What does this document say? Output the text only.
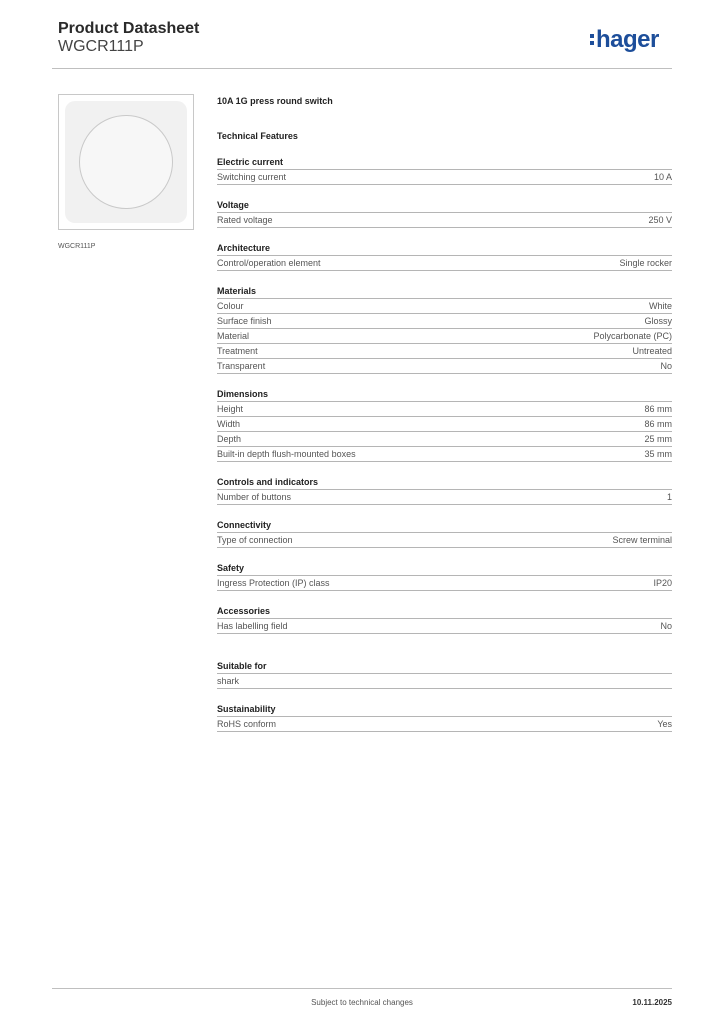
Product Datasheet
WGCR111P	hager
WGCR111P
10A 1G press round switch
Technical Features
Electric current
Switching current	10 A
Voltage
Rated voltage	250 V
Architecture
Control/operation element	Single rocker
Materials
Colour	White
Surface finish	Glossy
Material	Polycarbonate (PC)
Treatment	Untreated
Transparent	No
Dimensions
Height	86 mm
Width	86 mm
Depth	25 mm
Built-in depth flush-mounted boxes	35 mm
Controls and indicators
Number of buttons	1
Connectivity
Type of connection	Screw terminal
Safety
Ingress Protection (IP) class	IP20
Accessories
Has labelling field	No
Suitable for
shark
Sustainability
RoHS conform	Yes
Subject to technical changes	10.11.2025
